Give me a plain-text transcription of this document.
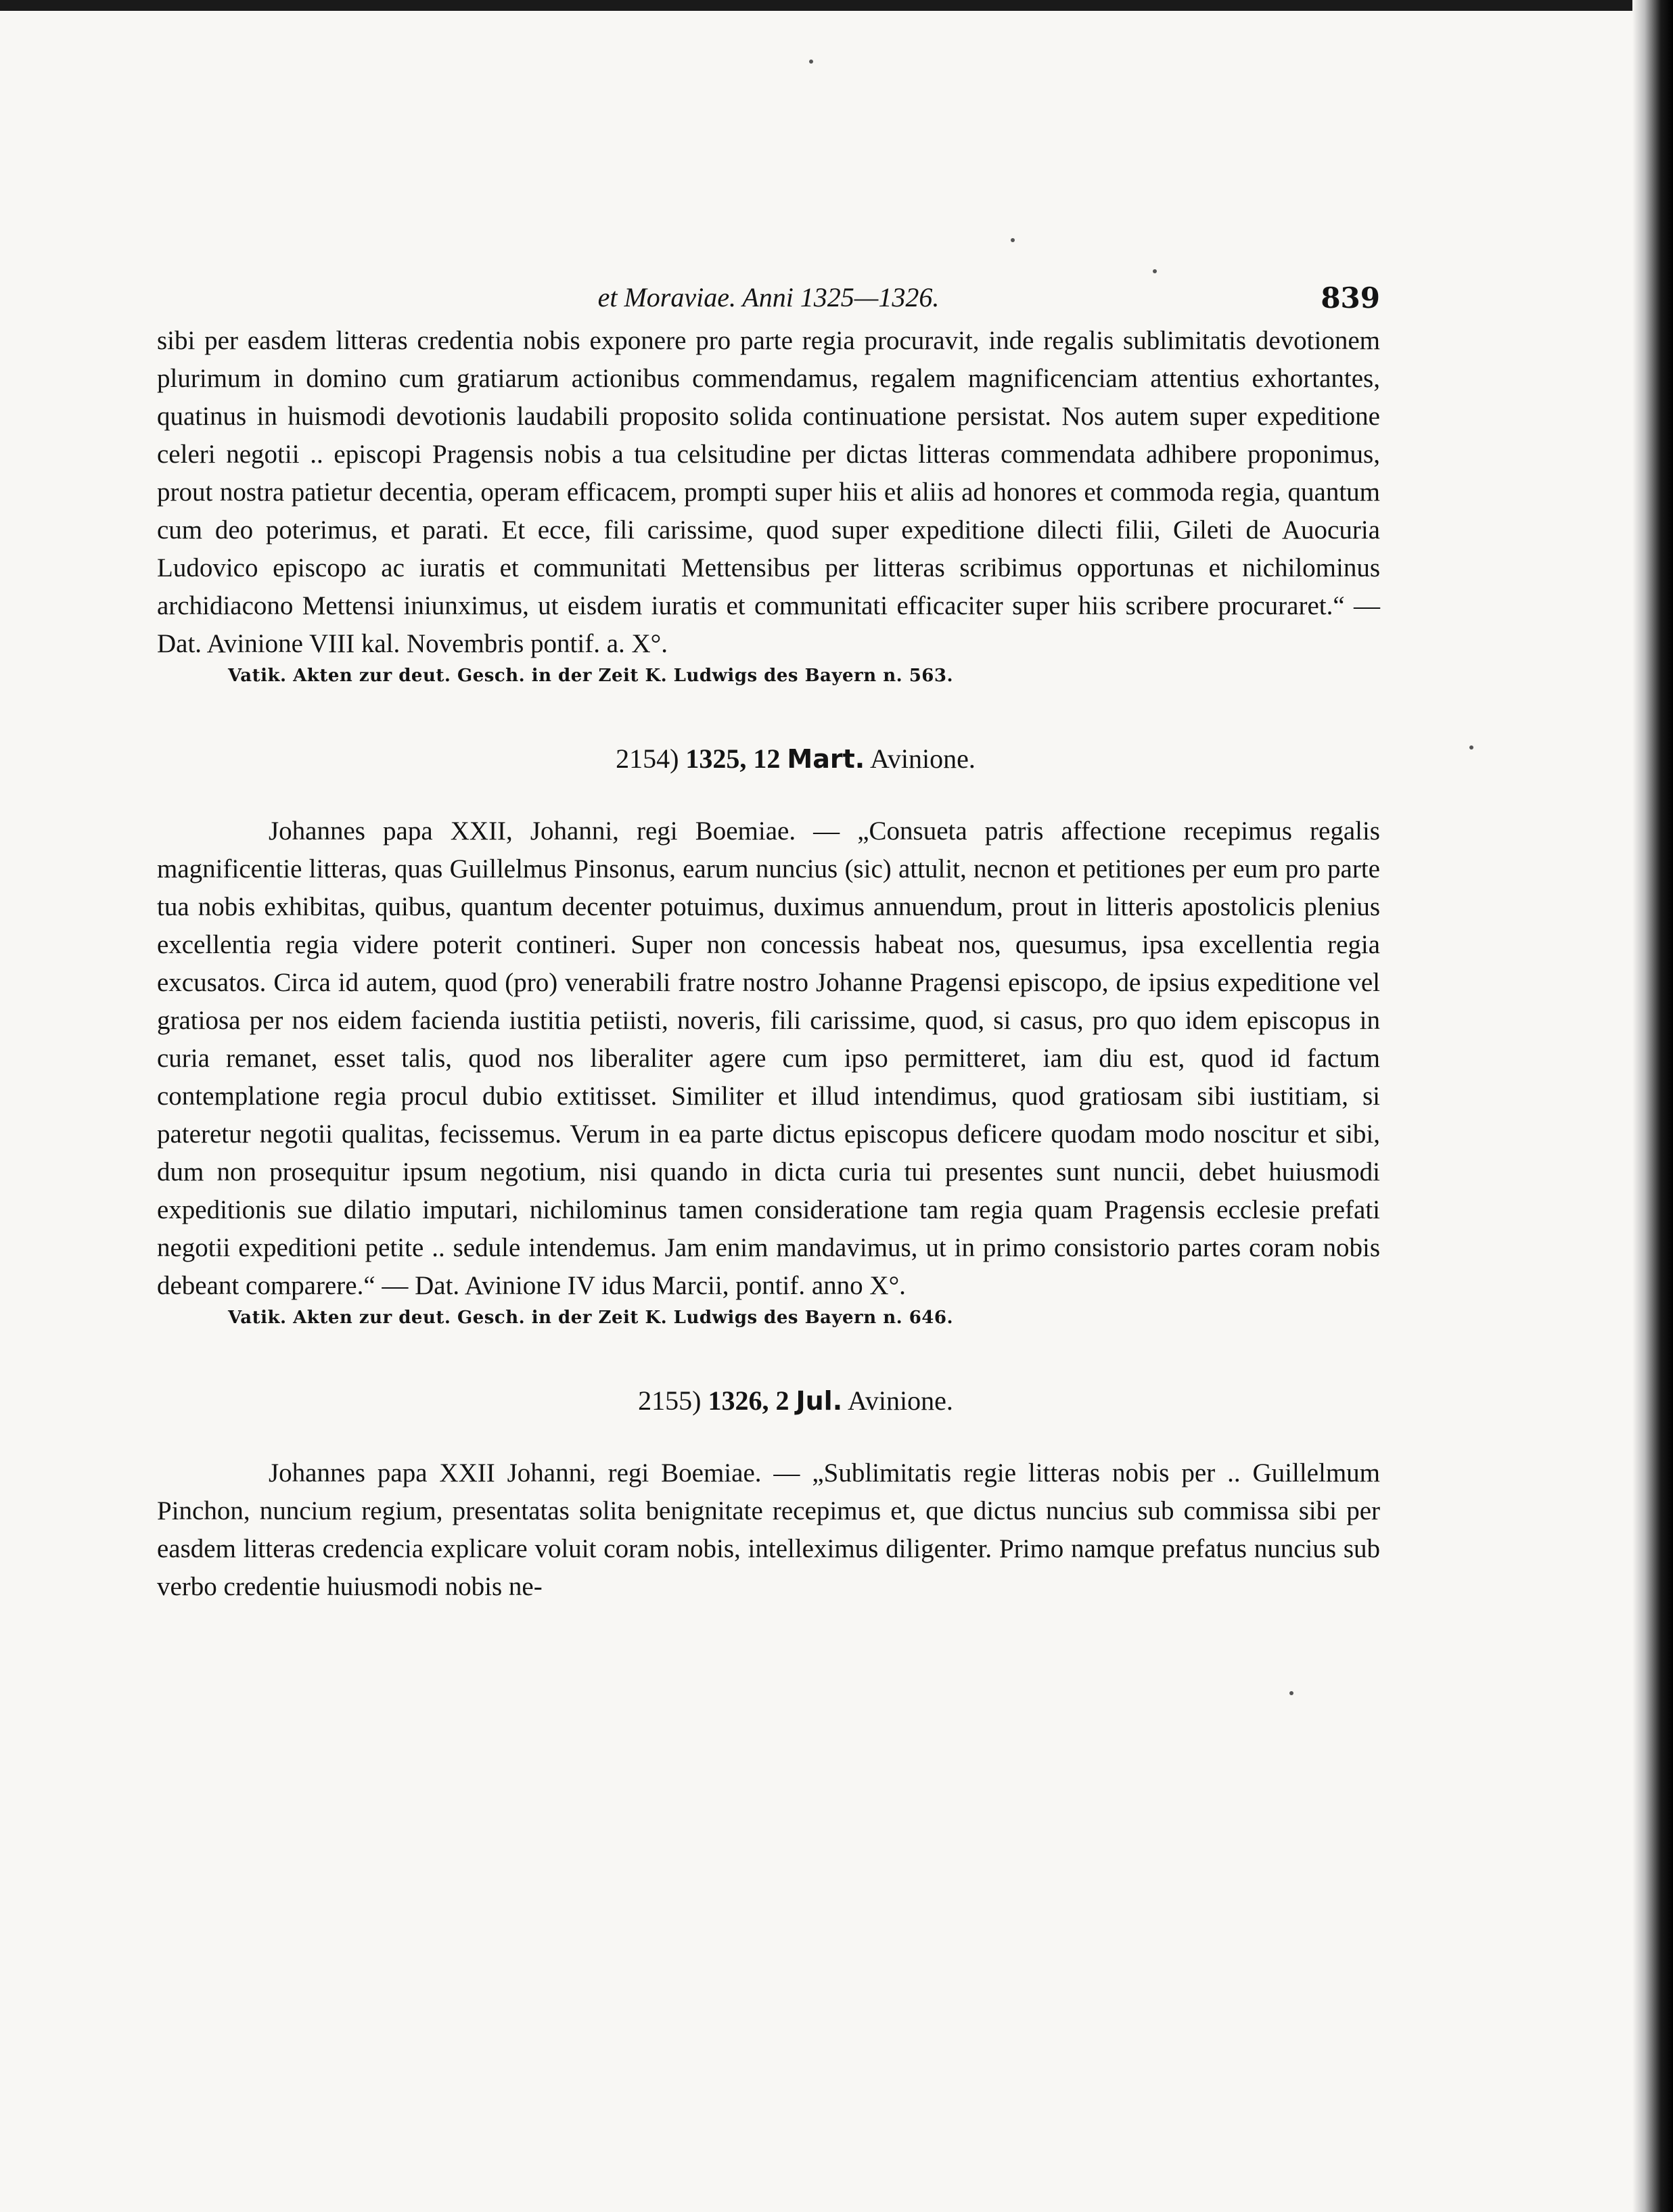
et Moraviae. Anni 1325—1326.	839

sibi per easdem litteras credentia nobis exponere pro parte regia procuravit, inde regalis sublimitatis devotionem plurimum in domino cum gratiarum actionibus commendamus, regalem magnificenciam attentius exhortantes, quatinus in huismodi devotionis laudabili proposito solida continuatione persistat. Nos autem super expeditione celeri negotii .. episcopi Pragensis nobis a tua celsitudine per dictas litteras commendata adhibere proponimus, prout nostra patietur decentia, operam efficacem, prompti super hiis et aliis ad honores et commoda regia, quantum cum deo poterimus, et parati. Et ecce, fili carissime, quod super expeditione dilecti filii, Gileti de Auocuria Ludovico episcopo ac iuratis et communitati Mettensibus per litteras scribimus opportunas et nichilominus archidiacono Mettensi iniunximus, ut eisdem iuratis et communitati efficaciter super hiis scribere procuraret.“ — Dat. Avinione VIII kal. Novembris pontif. a. X°.

Vatik. Akten zur deut. Gesch. in der Zeit K. Ludwigs des Bayern n. 563.
2154) 1325, 12 Mart. Avinione.

Johannes papa XXII, Johanni, regi Boemiae. — „Consueta patris affectione recepimus regalis magnificentie litteras, quas Guillelmus Pinsonus, earum nuncius (sic) attulit, necnon et petitiones per eum pro parte tua nobis exhibitas, quibus, quantum decenter potuimus, duximus annuendum, prout in litteris apostolicis plenius excellentia regia videre poterit contineri. Super non concessis habeat nos, quesumus, ipsa excellentia regia excusatos. Circa id autem, quod (pro) venerabili fratre nostro Johanne Pragensi episcopo, de ipsius expeditione vel gratiosa per nos eidem facienda iustitia petiisti, noveris, fili carissime, quod, si casus, pro quo idem episcopus in curia remanet, esset talis, quod nos liberaliter agere cum ipso permitteret, iam diu est, quod id factum contemplatione regia procul dubio extitisset. Similiter et illud intendimus, quod gratiosam sibi iustitiam, si pateretur negotii qualitas, fecissemus. Verum in ea parte dictus episcopus deficere quodam modo noscitur et sibi, dum non prosequitur ipsum negotium, nisi quando in dicta curia tui presentes sunt nuncii, debet huiusmodi expeditionis sue dilatio imputari, nichilominus tamen consideratione tam regia quam Pragensis ecclesie prefati negotii expeditioni petite .. sedule intendemus. Jam enim mandavimus, ut in primo consistorio partes coram nobis debeant comparere.“ — Dat. Avinione IV idus Marcii, pontif. anno X°.

Vatik. Akten zur deut. Gesch. in der Zeit K. Ludwigs des Bayern n. 646.
2155) 1326, 2 Jul. Avinione.

Johannes papa XXII Johanni, regi Boemiae. — „Sublimitatis regie litteras nobis per .. Guillelmum Pinchon, nuncium regium, presentatas solita benignitate recepimus et, que dictus nuncius sub commissa sibi per easdem litteras credencia explicare voluit coram nobis, intelleximus diligenter. Primo namque prefatus nuncius sub verbo credentie huiusmodi nobis ne-
